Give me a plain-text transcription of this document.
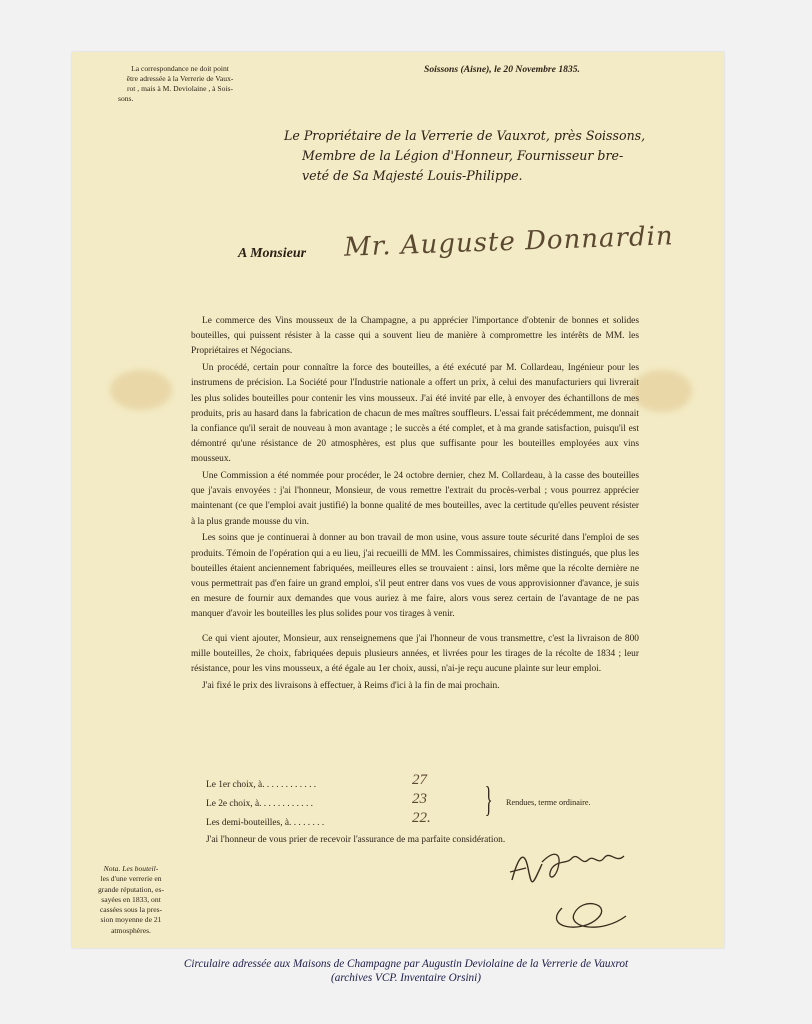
La correspondance ne doit point
être adressée à la Verrerie de Vaux-
rot , mais à M. Deviolaine , à Sois-
sons.
Soissons (Aisne), le 20 Novembre 1835.
Le Propriétaire de la Verrerie de Vauxrot, près Soissons,
Membre de la Légion d'Honneur, Fournisseur bre-
veté de Sa Majesté Louis-Philippe.
A Monsieur Mr. Auguste Donnardin

Le commerce des Vins mousseux de la Champagne, a pu apprécier l'importance d'obtenir de bonnes et solides bouteilles, qui puissent résister à la casse qui a souvent lieu de manière à compromettre les intérêts de MM. les Propriétaires et Négocians.

Un procédé, certain pour connaître la force des bouteilles, a été exécuté par M. Collardeau, Ingénieur pour les instrumens de précision. La Société pour l'Industrie nationale a offert un prix, à celui des manufacturiers qui livrerait les plus solides bouteilles pour contenir les vins mousseux. J'ai été invité par elle, à envoyer des échantillons de mes produits, pris au hasard dans la fabrication de chacun de mes maîtres souffleurs. L'essai fait précédemment, me donnait la confiance qu'il serait de nouveau à mon avantage ; le succès a été complet, et à ma grande satisfaction, puisqu'il est démontré qu'une résistance de 20 atmosphères, est plus que suffisante pour les bouteilles employées aux vins mousseux.

Une Commission a été nommée pour procéder, le 24 octobre dernier, chez M. Collardeau, à la casse des bouteilles que j'avais envoyées : j'ai l'honneur, Monsieur, de vous remettre l'extrait du procès-verbal ; vous pourrez apprécier maintenant (ce que l'emploi avait justifié) la bonne qualité de mes bouteilles, avec la certitude qu'elles peuvent résister à la plus grande mousse du vin.

Les soins que je continuerai à donner au bon travail de mon usine, vous assure toute sécurité dans l'emploi de ses produits. Témoin de l'opération qui a eu lieu, j'ai recueilli de MM. les Commissaires, chimistes distingués, que plus les bouteilles étaient anciennement fabriquées, meilleures elles se trouvaient : ainsi, lors même que la récolte dernière ne vous permettrait pas d'en faire un grand emploi, s'il peut entrer dans vos vues de vous approvisionner d'avance, je suis en mesure de fournir aux demandes que vous auriez à me faire, alors vous serez certain de l'avantage de ne pas manquer d'avoir les bouteilles les plus solides pour vos tirages à venir.

Ce qui vient ajouter, Monsieur, aux renseignemens que j'ai l'honneur de vous transmettre, c'est la livraison de 800 mille bouteilles, 2e choix, fabriquées depuis plusieurs années, et livrées pour les tirages de la récolte de 1834 ; leur résistance, pour les vins mousseux, a été égale au 1er choix, aussi, n'ai-je reçu aucune plainte sur leur emploi.

J'ai fixé le prix des livraisons à effectuer, à Reims d'ici à la fin de mai prochain.

Le 1er choix, à. . . . . . . . . . . .	27
Le 2e choix, à. . . . . . . . . . . .	23
Les demi-bouteilles, à. . . . . . . .	22. } Rendues, terme ordinaire.
J'ai l'honneur de vous prier de recevoir l'assurance de ma parfaite considération.
Nota. Les bouteil-
les d'une verrerie en
grande réputation, es-
sayées en 1833, ont
cassées sous la pres-
sion moyenne de 21
atmosphères.
Circulaire adressée aux Maisons de Champagne par Augustin Deviolaine de la Verrerie de Vauxrot
(archives VCP. Inventaire Orsini)
